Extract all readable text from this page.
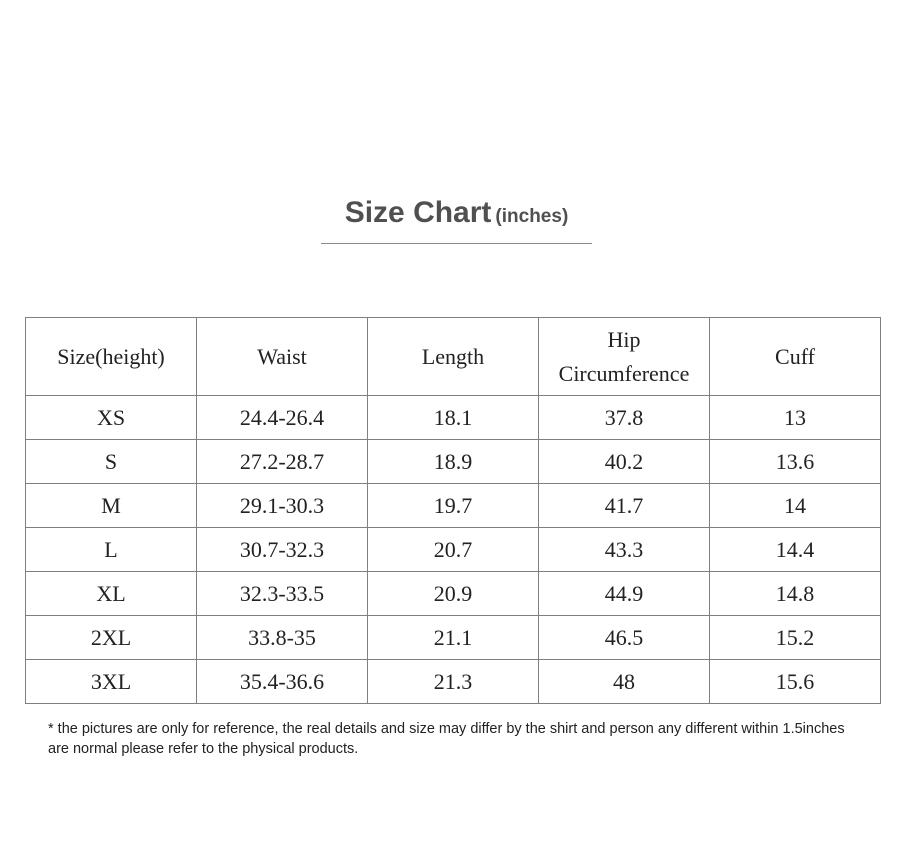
Size Chart (inches)
Size(height)	Waist	Length	Hip Circumference	Cuff
XS	24.4-26.4	18.1	37.8	13
S	27.2-28.7	18.9	40.2	13.6
M	29.1-30.3	19.7	41.7	14
L	30.7-32.3	20.7	43.3	14.4
XL	32.3-33.5	20.9	44.9	14.8
2XL	33.8-35	21.1	46.5	15.2
3XL	35.4-36.6	21.3	48	15.6
* the pictures are only for reference, the real details and size may differ by the shirt and person any different within 1.5inches are normal please refer to the physical products.
